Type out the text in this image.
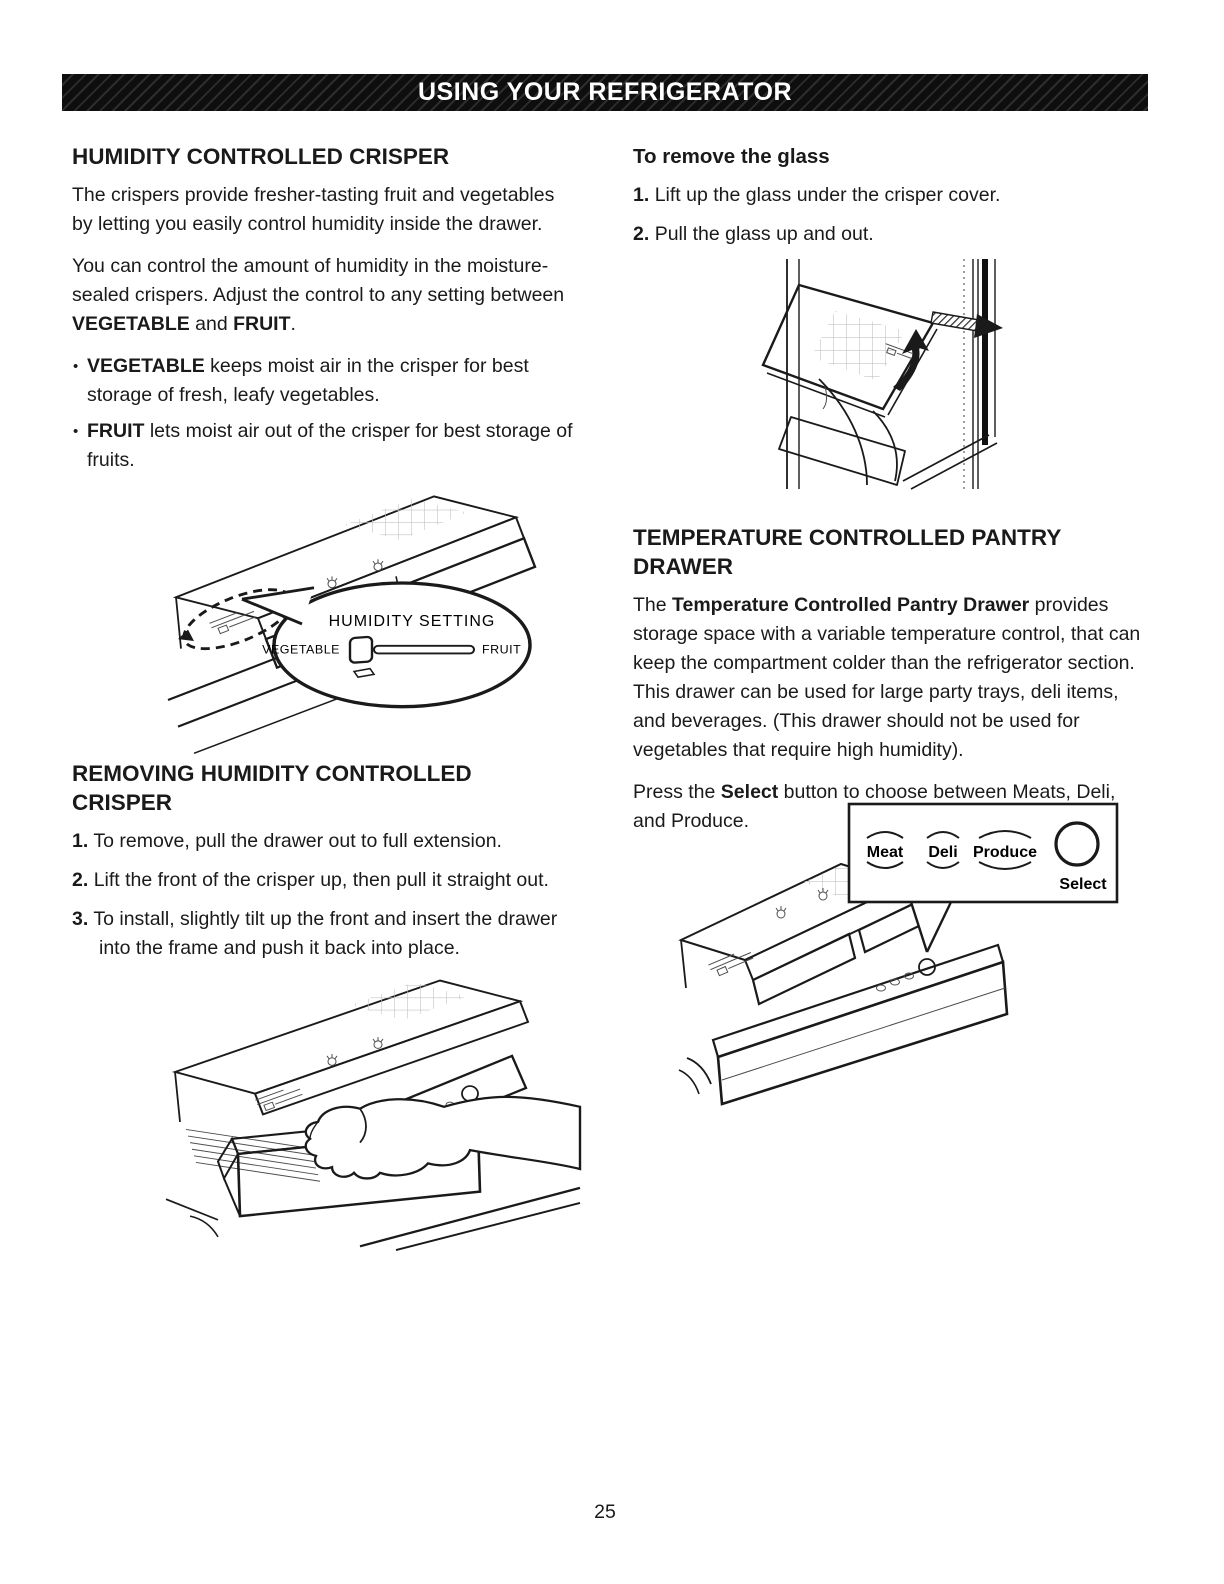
USING YOUR REFRIGERATOR
HUMIDITY CONTROLLED CRISPER

The crispers provide fresher-tasting fruit and vegetables by letting you easily control humidity inside the drawer.

You can control the amount of humidity in the moisture-sealed crispers. Adjust the control to any setting between VEGETABLE and FRUIT.

• VEGETABLE keeps moist air in the crisper for best storage of fresh, leafy vegetables.
• FRUIT lets moist air out of the crisper for best storage of fruits.
HUMIDITY SETTING
VEGETABLE	FRUIT
REMOVING HUMIDITY CONTROLLED CRISPER
1. To remove, pull the drawer out to full extension.
2. Lift the front of the crisper up, then pull it straight out.
3. To install, slightly tilt up the front and insert the drawer into the frame and push it back into place.
To remove the glass
1. Lift up the glass under the crisper cover.
2. Pull the glass up and out.
TEMPERATURE CONTROLLED PANTRY DRAWER

The Temperature Controlled Pantry Drawer provides storage space with a variable temperature control, that can keep the compartment colder than the refrigerator section. This drawer can be used for large party trays, deli items, and beverages. (This drawer should not be used for vegetables that require high humidity).

Press the Select button to choose between Meats, Deli, and Produce.

Meat Deli Produce
Select
25
